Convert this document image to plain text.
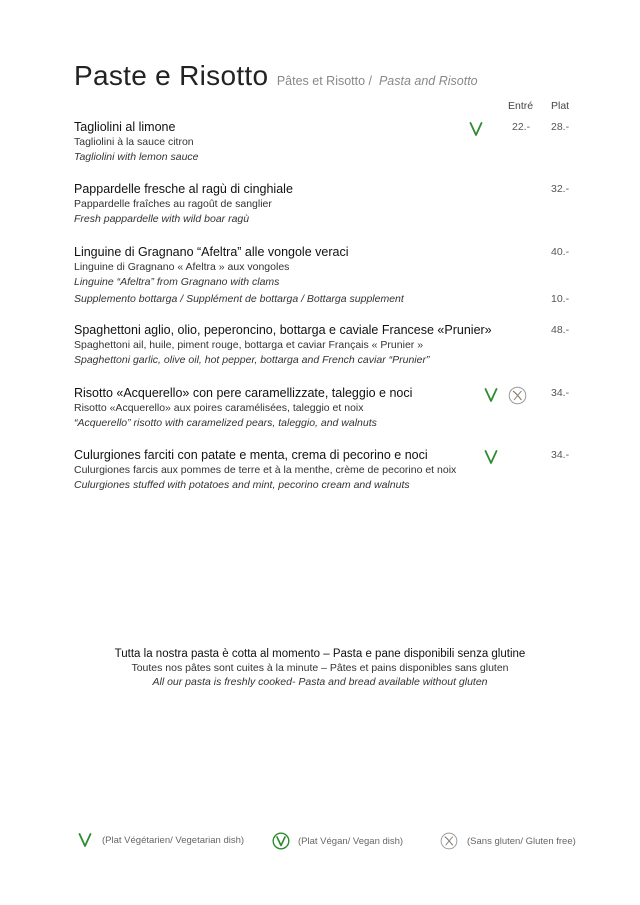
Paste e Risotto Pâtes et Risotto / Pasta and Risotto
Entré Plat
Tagliolini al limone
Tagliolini à la sauce citron
Tagliolini with lemon sauce
22.- 28.-
Pappardelle fresche al ragù di cinghiale
Pappardelle fraîches au ragoût de sanglier
Fresh pappardelle with wild boar ragù
32.-
Linguine di Gragnano “Afeltra” alle vongole veraci
Linguine di Gragnano « Afeltra » aux vongoles
Linguine “Afeltra” from Gragnano with clams
Supplemento bottarga / Supplément de bottarga / Bottarga supplement
40.-
10.-
Spaghettoni aglio, olio, peperoncino, bottarga e caviale Francese «Prunier»
Spaghettoni ail, huile, piment rouge, bottarga et caviar Français « Prunier »
Spaghettoni garlic, olive oil, hot pepper, bottarga and French caviar “Prunier”
48.-
Risotto «Acquerello» con pere caramellizzate, taleggio e noci
Risotto «Acquerello» aux poires caramélisées, taleggio et noix
“Acquerello” risotto with caramelized pears, taleggio, and walnuts
34.-
Culurgiones farciti con patate e menta, crema di pecorino e noci
Culurgiones farcis aux pommes de terre et à la menthe, crème de pecorino et noix
Culurgiones stuffed with potatoes and mint, pecorino cream and walnuts
34.-
Tutta la nostra pasta è cotta al momento – Pasta e pane disponibili senza glutine
Toutes nos pâtes sont cuites à la minute – Pâtes et pains disponibles sans gluten
All our pasta is freshly cooked- Pasta and bread available without gluten
(Plat Végétarien/ Vegetarian dish)	(Plat Végan/ Vegan dish)	(Sans gluten/ Gluten free)
